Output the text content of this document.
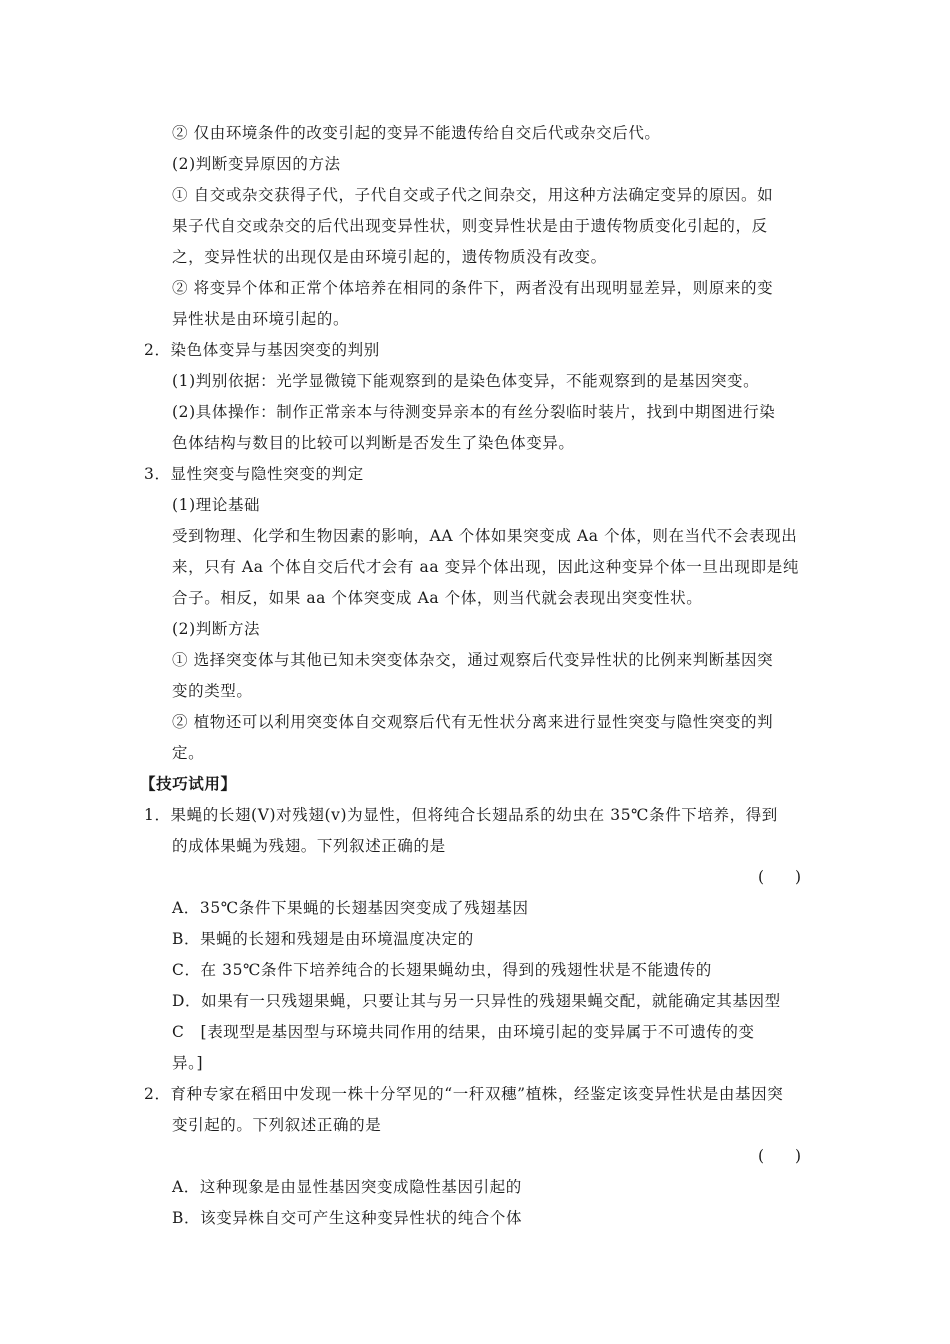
② 仅由环境条件的改变引起的变异不能遗传给自交后代或杂交后代。
(2)判断变异原因的方法
① 自交或杂交获得子代，子代自交或子代之间杂交，用这种方法确定变异的原因。如
果子代自交或杂交的后代出现变异性状，则变异性状是由于遗传物质变化引起的，反
之，变异性状的出现仅是由环境引起的，遗传物质没有改变。
② 将变异个体和正常个体培养在相同的条件下，两者没有出现明显差异，则原来的变
异性状是由环境引起的。
2．染色体变异与基因突变的判别
(1)判别依据：光学显微镜下能观察到的是染色体变异，不能观察到的是基因突变。
(2)具体操作：制作正常亲本与待测变异亲本的有丝分裂临时装片，找到中期图进行染
色体结构与数目的比较可以判断是否发生了染色体变异。
3．显性突变与隐性突变的判定
(1)理论基础
受到物理、化学和生物因素的影响，AA 个体如果突变成 Aa 个体，则在当代不会表现出
来，只有 Aa 个体自交后代才会有 aa 变异个体出现，因此这种变异个体一旦出现即是纯
合子。相反，如果 aa 个体突变成 Aa 个体，则当代就会表现出突变性状。
(2)判断方法
① 选择突变体与其他已知未突变体杂交，通过观察后代变异性状的比例来判断基因突
变的类型。
② 植物还可以利用突变体自交观察后代有无性状分离来进行显性突变与隐性突变的判
定。
【技巧试用】
1．果蝇的长翅(V)对残翅(v)为显性，但将纯合长翅品系的幼虫在 35℃条件下培养，得到
的成体果蝇为残翅。下列叙述正确的是
(　　)
A．35℃条件下果蝇的长翅基因突变成了残翅基因
B．果蝇的长翅和残翅是由环境温度决定的
C．在 35℃条件下培养纯合的长翅果蝇幼虫，得到的残翅性状是不能遗传的
D．如果有一只残翅果蝇，只要让其与另一只异性的残翅果蝇交配，就能确定其基因型
C　[表现型是基因型与环境共同作用的结果，由环境引起的变异属于不可遗传的变
异。]
2．育种专家在稻田中发现一株十分罕见的“一秆双穗”植株，经鉴定该变异性状是由基因突
变引起的。下列叙述正确的是
(　　)
A．这种现象是由显性基因突变成隐性基因引起的
B．该变异株自交可产生这种变异性状的纯合个体
